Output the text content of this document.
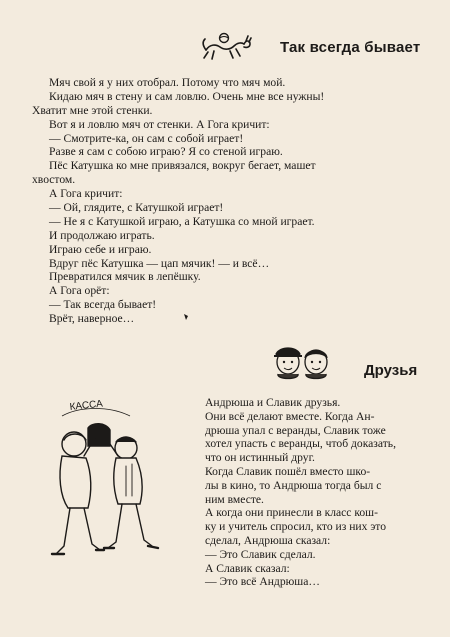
Так всегда бывает
Мяч свой я у них отобрал. Потому что мяч мой.
Кидаю мяч в стену и сам ловлю. Очень мне все нужны!
Хватит мне этой стенки.
Вот я и ловлю мяч от стенки. А Гога кричит:
— Смотрите-ка, он сам с собой играет!
Разве я сам с собою играю? Я со стеной играю.
Пёс Катушка ко мне привязался, вокруг бегает, машет
хвостом.
А Гога кричит:
— Ой, глядите, с Катушкой играет!
— Не я с Катушкой играю, а Катушка со мной играет.
И продолжаю играть.
Играю себе и играю.
Вдруг пёс Катушка — цап мячик! — и всё…
Превратился мячик в лепёшку.
А Гога орёт:
— Так всегда бывает!
Врёт, наверное…
Друзья
КАССА	Андрюша и Славик друзья.
Они всё делают вместе. Когда Ан-
дрюша упал с веранды, Славик тоже
хотел упасть с веранды, чтоб доказать,
что он истинный друг.
Когда Славик пошёл вместо шко-
лы в кино, то Андрюша тогда был с
ним вместе.
А когда они принесли в класс кош-
ку и учитель спросил, кто из них это
сделал, Андрюша сказал:
— Это Славик сделал.
А Славик сказал:
— Это всё Андрюша…
